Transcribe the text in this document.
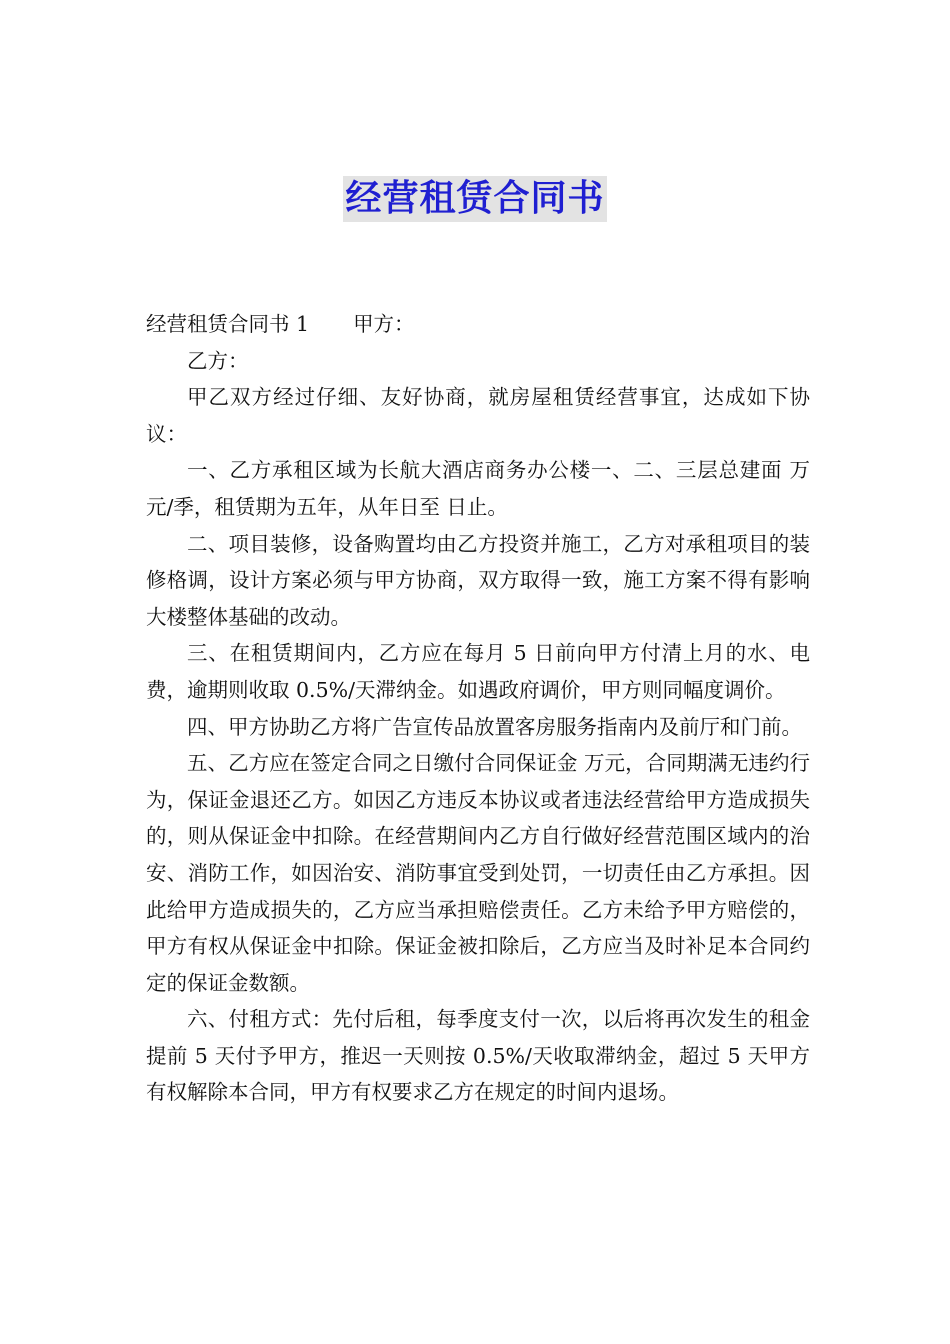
经营租赁合同书

经营租赁合同书 1 甲方：

乙方：

甲乙双方经过仔细、友好协商，就房屋租赁经营事宜，达成如下协议：

一、乙方承租区域为长航大酒店商务办公楼一、二、三层总建面 万元/季，租赁期为五年，从年日至 日止。

二、项目装修，设备购置均由乙方投资并施工，乙方对承租项目的装修格调，设计方案必须与甲方协商，双方取得一致，施工方案不得有影响大楼整体基础的改动。

三、在租赁期间内，乙方应在每月 5 日前向甲方付清上月的水、电费，逾期则收取 0.5%/天滞纳金。如遇政府调价，甲方则同幅度调价。

四、甲方协助乙方将广告宣传品放置客房服务指南内及前厅和门前。

五、乙方应在签定合同之日缴付合同保证金 万元，合同期满无违约行为，保证金退还乙方。如因乙方违反本协议或者违法经营给甲方造成损失的，则从保证金中扣除。在经营期间内乙方自行做好经营范围区域内的治安、消防工作，如因治安、消防事宜受到处罚，一切责任由乙方承担。因此给甲方造成损失的，乙方应当承担赔偿责任。乙方未给予甲方赔偿的，甲方有权从保证金中扣除。保证金被扣除后，乙方应当及时补足本合同约定的保证金数额。

六、付租方式：先付后租，每季度支付一次，以后将再次发生的租金提前 5 天付予甲方，推迟一天则按 0.5%/天收取滞纳金，超过 5 天甲方有权解除本合同，甲方有权要求乙方在规定的时间内退场。
